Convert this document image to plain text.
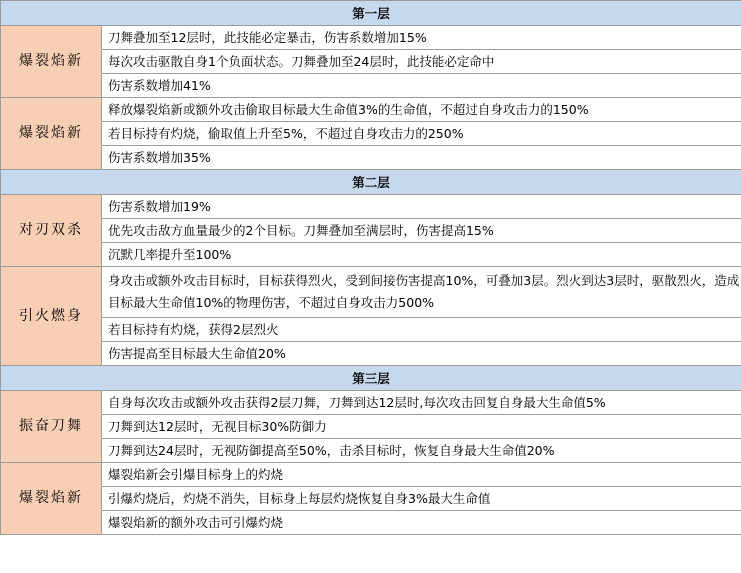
第一层	
爆裂焰新	刀舞叠加至12层时，此技能必定暴击，伤害系数增加15%
	每次攻击驱散自身1个负面状态。刀舞叠加至24层时，此技能必定命中
	伤害系数增加41%
爆裂焰新	释放爆裂焰新或额外攻击偷取目标最大生命值3%的生命值，不超过自身攻击力的150%
	若目标持有灼烧，偷取值上升至5%，不超过自身攻击力的250%
	伤害系数增加35%
第二层	
对刃双杀	伤害系数增加19%
	优先攻击敌方血量最少的2个目标。刀舞叠加至满层时，伤害提高15%
	沉默几率提升至100%
引火燃身	身攻击或额外攻击目标时，目标获得烈火，受到间接伤害提高10%，可叠加3层。烈火到达3层时，驱散烈火，造成目标最大生命值10%的物理伤害，不超过自身攻击力500%
	若目标持有灼烧，获得2层烈火
	伤害提高至目标最大生命值20%
第三层	
振奋刀舞	自身每次攻击或额外攻击获得2层刀舞，刀舞到达12层时,每次攻击回复自身最大生命值5%
	刀舞到达12层时，无视目标30%防御力
	刀舞到达24层时，无视防御提高至50%，击杀目标时，恢复自身最大生命值20%
爆裂焰新	爆裂焰新会引爆目标身上的灼烧
	引爆灼烧后，灼烧不消失，目标身上每层灼烧恢复自身3%最大生命值
	爆裂焰新的额外攻击可引爆灼烧
